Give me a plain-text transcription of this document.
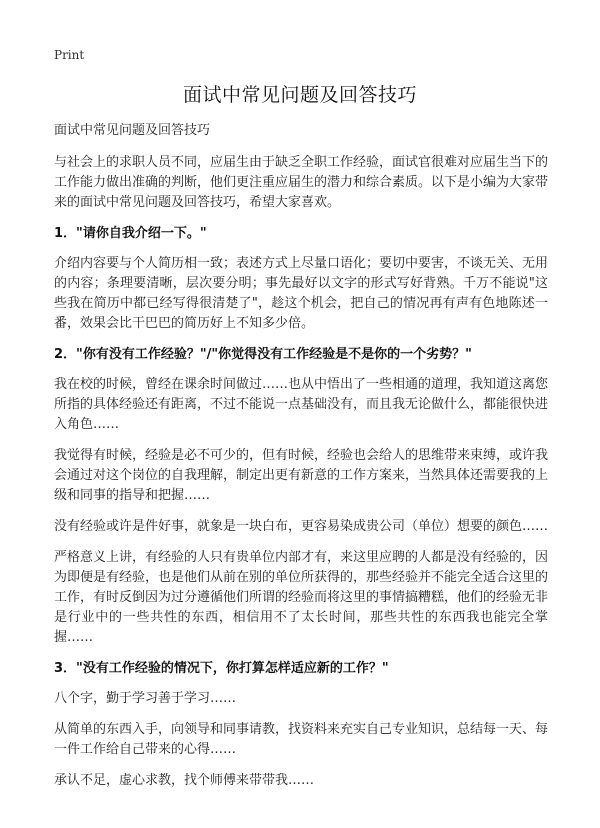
Print
面试中常见问题及回答技巧

面试中常见问题及回答技巧

与社会上的求职人员不同，应届生由于缺乏全职工作经验，面试官很难对应届生当下的工作能力做出准确的判断，他们更注重应届生的潜力和综合素质。以下是小编为大家带来的面试中常见问题及回答技巧，希望大家喜欢。

1．"请你自我介绍一下。"

介绍内容要与个人简历相一致；表述方式上尽量口语化；要切中要害，不谈无关、无用的内容；条理要清晰，层次要分明；事先最好以文字的形式写好背熟。千万不能说"这些我在简历中都已经写得很清楚了"，趁这个机会，把自己的情况再有声有色地陈述一番，效果会比干巴巴的简历好上不知多少倍。

2．"你有没有工作经验？"/"你觉得没有工作经验是不是你的一个劣势？"

我在校的时候，曾经在课余时间做过……也从中悟出了一些相通的道理，我知道这离您所指的具体经验还有距离，不过不能说一点基础没有，而且我无论做什么，都能很快进入角色……

我觉得有时候，经验是必不可少的，但有时候，经验也会给人的思维带来束缚，或许我会通过对这个岗位的自我理解，制定出更有新意的工作方案来，当然具体还需要我的上级和同事的指导和把握……

没有经验或许是件好事，就象是一块白布，更容易染成贵公司（单位）想要的颜色……

严格意义上讲，有经验的人只有贵单位内部才有，来这里应聘的人都是没有经验的，因为即便是有经验，也是他们从前在别的单位所获得的，那些经验并不能完全适合这里的工作，有时反倒因为过分遵循他们所谓的经验而将这里的事情搞糟糕，他们的经验无非是行业中的一些共性的东西，相信用不了太长时间，那些共性的东西我也能完全掌握……

3．"没有工作经验的情况下，你打算怎样适应新的工作？"

八个字，勤于学习善于学习……

从简单的东西入手，向领导和同事请教，找资料来充实自己专业知识，总结每一天、每一件工作给自己带来的心得……

承认不足，虚心求教，找个师傅来带带我……
